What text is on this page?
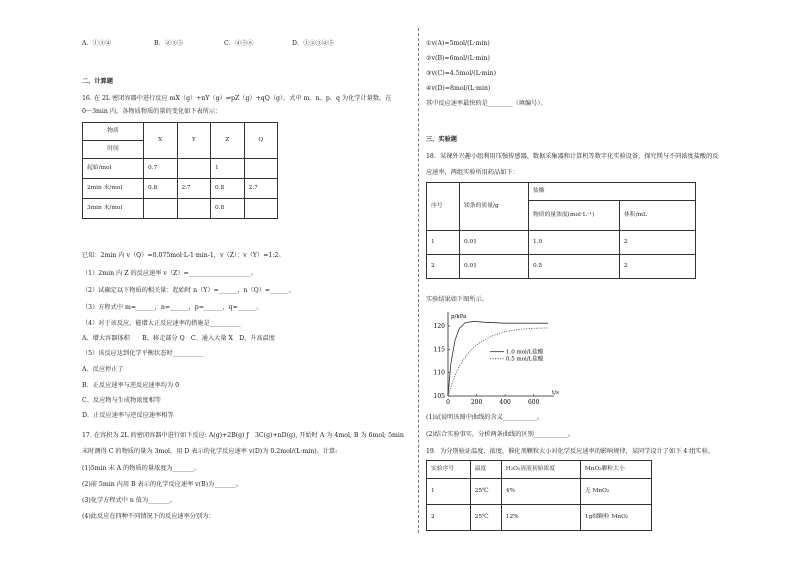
A．①③④	B．②③⑤	C．④⑤⑥	D．①②③④⑤
二、计算题
16. 在 2L 密闭容器中进行反应 mX（g）+nY（g）⇌pZ（g）+qQ（g），式中 m、n、p、q 为化学计量数。在
0～3min 内，各物质物质的量的变化如下表所示：
物质	X	Y	Z	Q
时间				
起始/mol	0.7		1	
2min 末/mol	0.8	2.7	0.8	2.7
3min 末/mol			0.8	
已知：2min 内 v（Q）=0.075mol·L-1·min-1，v（Z）：v（Y）=1:2。
（1）2min 内 Z 的反应速率 v（Z）=____________________。
（2）试确定以下物质的相关量：起始时 n（Y）=______，n（Q）=______。
（3）方程式中 m=______，n=______，p=______，q=______。
（4）对于该反应，能增大正反应速率的措施是__________
A、增大容器体积　　B、移走部分 Q　C、通入大量 X　D、升高温度
（5）该反应达到化学平衡状态时__________
A、反应停止了
B．正反应速率与逆反应速率均为 0
C、反应物与生成物浓度相等
D．正反应速率与逆反应速率相等
17. 在容积为 2L 的密闭容器中进行如下反应: A(g)+2B(g) ƒ　3C(g)+nD(g), 开始时 A 为 4mol, B 为 6mol; 5min
末时测得 C 的物质的量为 3mol，用 D 表示的化学反应速率 v(D)为 0.2mol/(L·min)。计算:
(1)5min 末 A 的物质的量浓度为_______。
(2)前 5min 内用 B 表示的化学反应速率 v(B)为_______。
(3)化学方程式中 n 值为_______。
(4)此反应在四种不同情况下的反应速率分别为：
①v(A)=5mol/(L·min)
②v(B)=6mol/(L·min)
③v(C)=4.5mol/(L·min)
④v(D)=8mol/(L·min)
其中反应速率最快的是________（填编号）。
三、实验题
18．某课外兴趣小组利用压强传感器、数据采集器和计算机等数字化实验设备，探究镁与不同浓度盐酸的反
应速率，两组实验所用药品如下：
序号	镁条的质量/g	盐酸	
		物质的量浓度(mol·L⁻¹)	体积/mL
1	0.01	1.0	2
2	0.01	0.5	2
实验结果如下图所示。
0	200	400	600
105
110
115
120
p/kPa
t/s
1.0 mol/L盐酸
0.5 mol/L盐酸
(1)试说明该图中曲线的含义___________。
(2)结合实验事实，分析两条曲线的区别___________。
19．为分别验证温度、浓度、催化剂颗粒大小对化学反应速率的影响规律，某同学设计了如下 4 组实验。
实验序号	温度	H₂O₂溶液初始浓度	MnO₂颗粒大小
1	25℃	4%	无 MnO₂
2	25℃	12%	1g细颗粒 MnO₂
